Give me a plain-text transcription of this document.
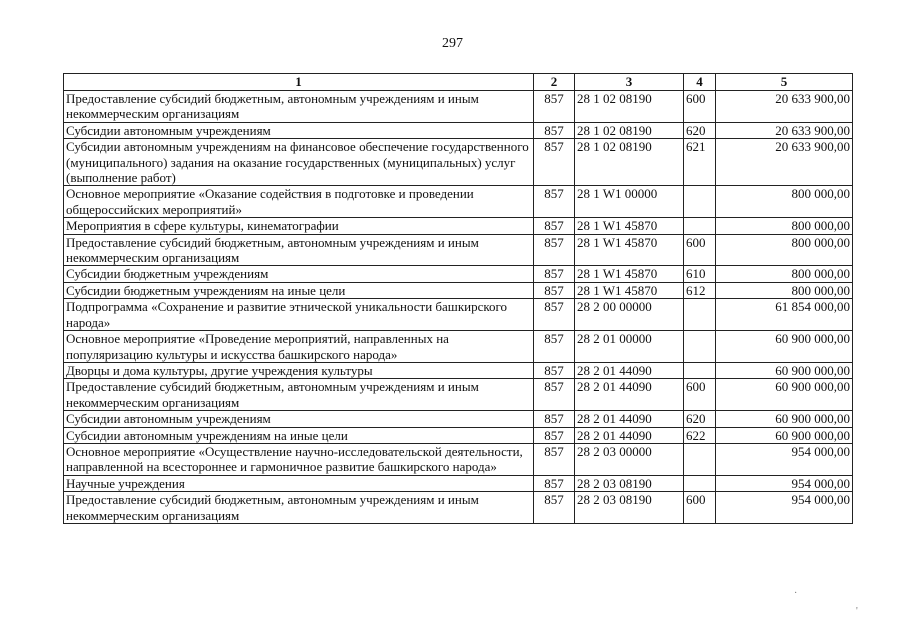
297
1	2	3	4	5
Предоставление субсидий бюджетным, автономным учреждениям и иным некоммерческим организациям	857	28 1 02 08190	600	20 633 900,00
Субсидии автономным учреждениям	857	28 1 02 08190	620	20 633 900,00
Субсидии автономным учреждениям на финансовое обеспечение государственного (муниципального) задания на оказание государственных (муниципальных) услуг (выполнение работ)	857	28 1 02 08190	621	20 633 900,00
Основное мероприятие «Оказание содействия в подготовке и проведении общероссийских мероприятий»	857	28 1 W1 00000		800 000,00
Мероприятия в сфере культуры, кинематографии	857	28 1 W1 45870		800 000,00
Предоставление субсидий бюджетным, автономным учреждениям и иным некоммерческим организациям	857	28 1 W1 45870	600	800 000,00
Субсидии бюджетным учреждениям	857	28 1 W1 45870	610	800 000,00
Субсидии бюджетным учреждениям на иные цели	857	28 1 W1 45870	612	800 000,00
Подпрограмма «Сохранение и развитие этнической уникальности башкирского народа»	857	28 2 00 00000		61 854 000,00
Основное мероприятие «Проведение мероприятий, направленных на популяризацию культуры и искусства башкирского народа»	857	28 2 01 00000		60 900 000,00
Дворцы и дома культуры, другие учреждения культуры	857	28 2 01 44090		60 900 000,00
Предоставление субсидий бюджетным, автономным учреждениям и иным некоммерческим организациям	857	28 2 01 44090	600	60 900 000,00
Субсидии автономным учреждениям	857	28 2 01 44090	620	60 900 000,00
Субсидии автономным учреждениям на иные цели	857	28 2 01 44090	622	60 900 000,00
Основное мероприятие «Осуществление научно-исследовательской деятельности, направленной на всестороннее и гармоничное развитие башкирского народа»	857	28 2 03 00000		954 000,00
Научные учреждения	857	28 2 03 08190		954 000,00
Предоставление субсидий бюджетным, автономным учреждениям и иным некоммерческим организациям	857	28 2 03 08190	600	954 000,00
·
'
